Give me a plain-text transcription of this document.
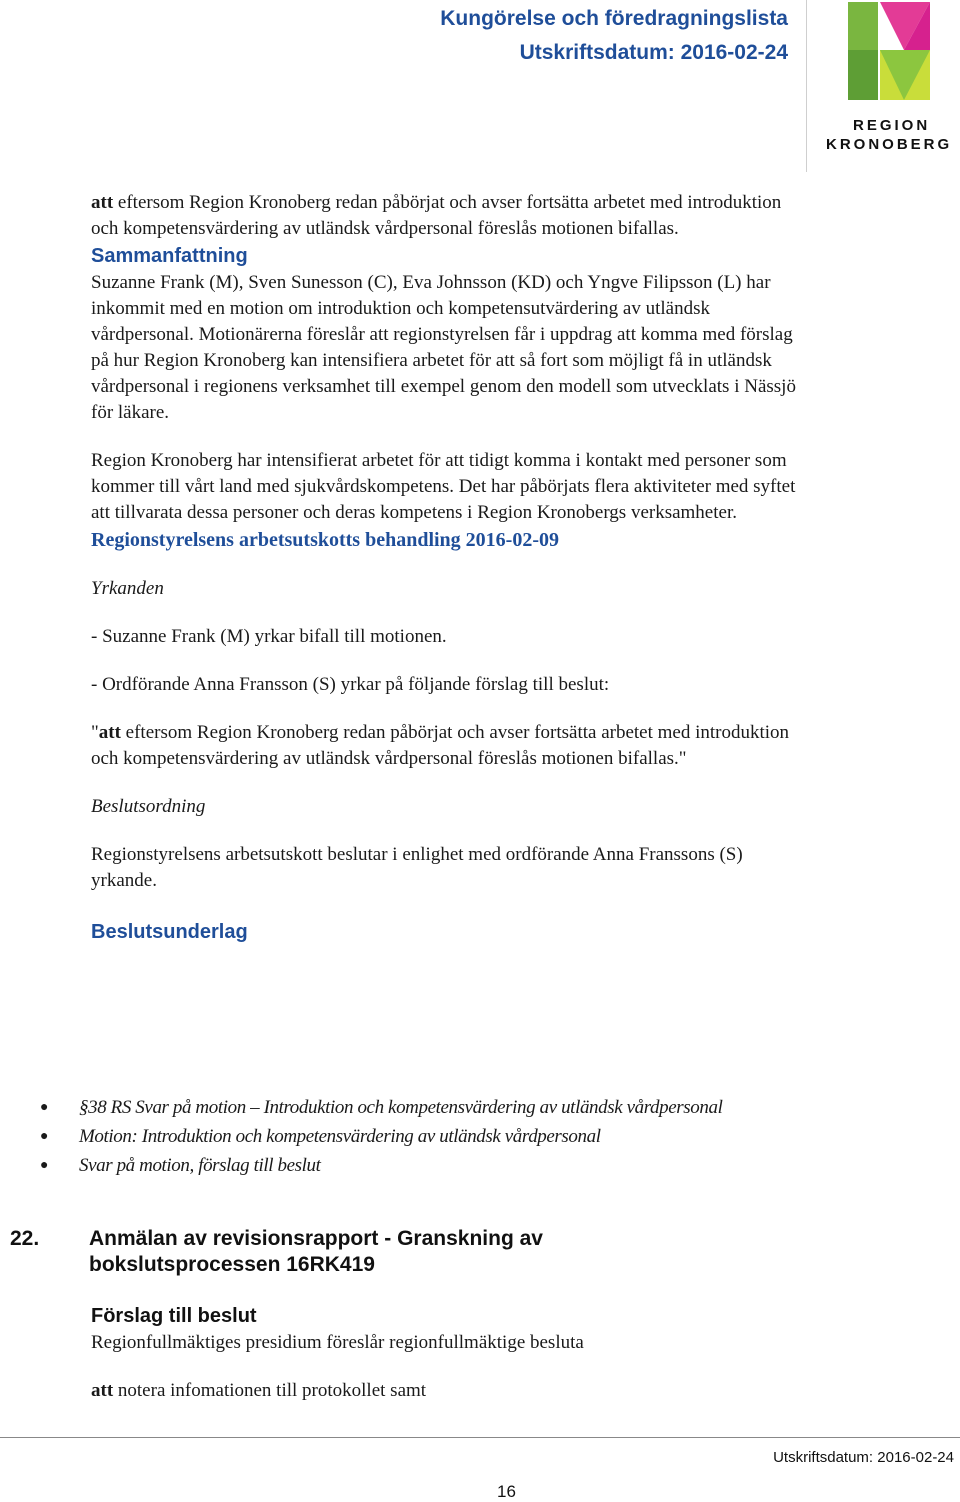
Kungörelse och föredragningslista
Utskriftsdatum: 2016-02-24
REGION
KRONOBERG

att eftersom Region Kronoberg redan påbörjat och avser fortsätta arbetet med introduktion och kompetensvärdering av utländsk vårdpersonal föreslås motionen bifallas.

Sammanfattning

Suzanne Frank (M), Sven Sunesson (C), Eva Johnsson (KD) och Yngve Filipsson (L) har inkommit med en motion om introduktion och kompetensutvärdering av utländsk vårdpersonal. Motionärerna föreslår att regionstyrelsen får i uppdrag att komma med förslag på hur Region Kronoberg kan intensifiera arbetet för att så fort som möjligt få in utländsk vårdpersonal i regionens verksamhet till exempel genom den modell som utvecklats i Nässjö för läkare.

Region Kronoberg har intensifierat arbetet för att tidigt komma i kontakt med personer som kommer till vårt land med sjukvårdskompetens. Det har påbörjats flera aktiviteter med syftet att tillvarata dessa personer och deras kompetens i Region Kronobergs verksamheter.

Regionstyrelsens arbetsutskotts behandling 2016-02-09

Yrkanden

- Suzanne Frank (M) yrkar bifall till motionen.

- Ordförande Anna Fransson (S) yrkar på följande förslag till beslut:

"att eftersom Region Kronoberg redan påbörjat och avser fortsätta arbetet med introduktion och kompetensvärdering av utländsk vårdpersonal föreslås motionen bifallas."

Beslutsordning

Regionstyrelsens arbetsutskott beslutar i enlighet med ordförande Anna Franssons (S) yrkande.

Beslutsunderlag
● §38 RS Svar på motion – Introduktion och kompetensvärdering av utländsk vårdpersonal
● Motion: Introduktion och kompetensvärdering av utländsk vårdpersonal
● Svar på motion, förslag till beslut
22. Anmälan av revisionsrapport - Granskning av bokslutsprocessen 16RK419
Förslag till beslut

Regionfullmäktiges presidium föreslår regionfullmäktige besluta

att notera infomationen till protokollet samt

Utskriftsdatum: 2016-02-24
16
